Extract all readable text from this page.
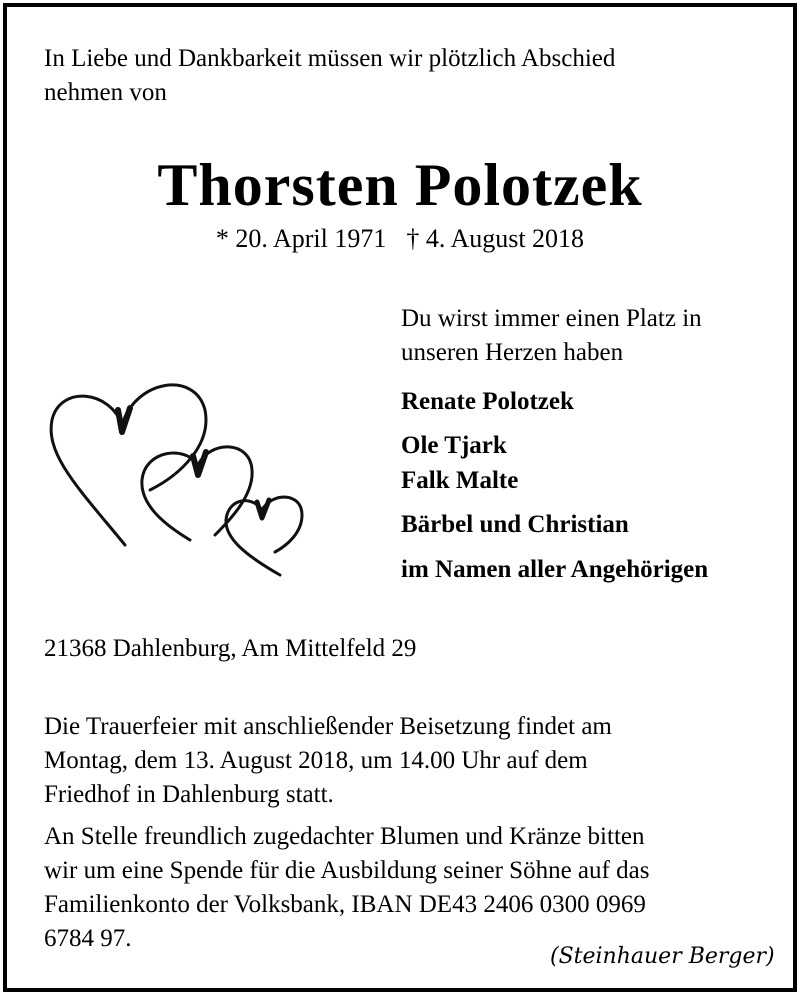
In Liebe und Dankbarkeit müssen wir plötzlich Abschied
nehmen von
Thorsten Polotzek
* 20. April 1971 † 4. August 2018
Du wirst immer einen Platz in
unseren Herzen haben
Renate Polotzek
Ole Tjark
Falk Malte
Bärbel und Christian
im Namen aller Angehörigen
21368 Dahlenburg, Am Mittelfeld 29
Die Trauerfeier mit anschließender Beisetzung findet am
Montag, dem 13. August 2018, um 14.00 Uhr auf dem
Friedhof in Dahlenburg statt.
An Stelle freundlich zugedachter Blumen und Kränze bitten
wir um eine Spende für die Ausbildung seiner Söhne auf das
Familienkonto der Volksbank, IBAN DE43 2406 0300 0969
6784 97.
(Steinhauer Berger)
